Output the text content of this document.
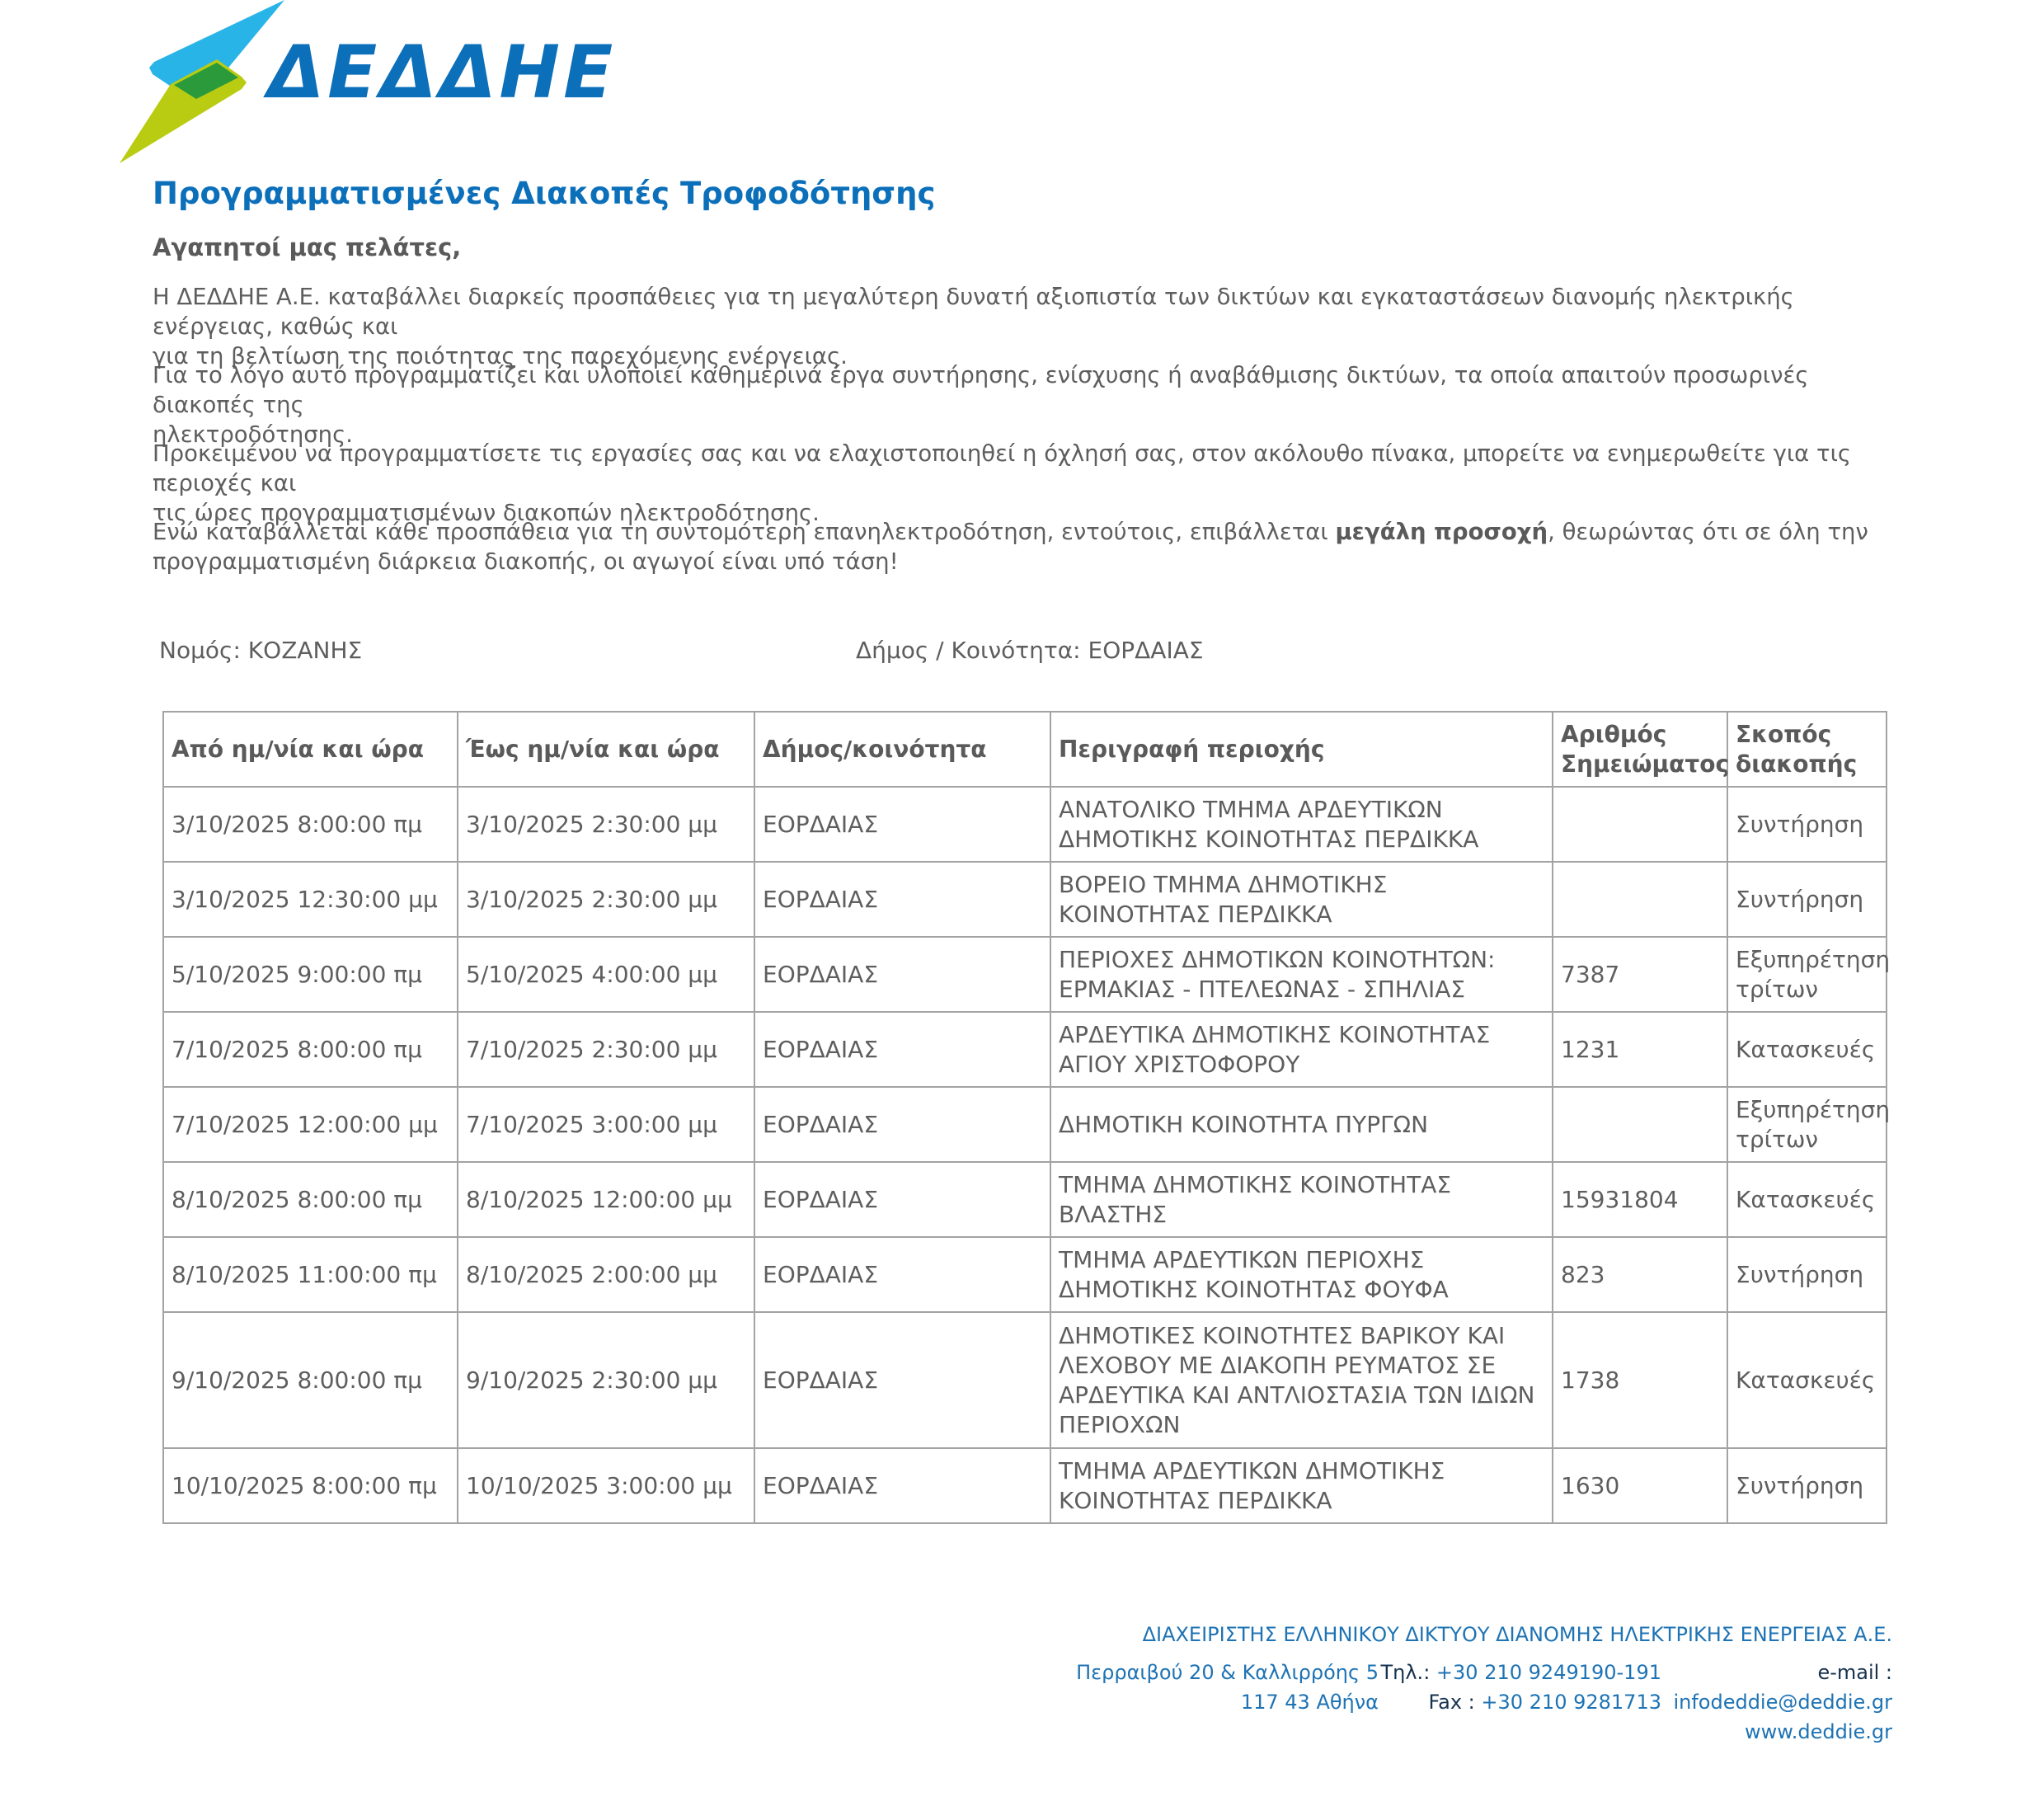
ΔΕΔΔΗΕ
Προγραμματισμένες Διακοπές Τροφοδότησης
Αγαπητοί μας πελάτες,
Η ΔΕΔΔΗΕ Α.Ε. καταβάλλει διαρκείς προσπάθειες για τη μεγαλύτερη δυνατή αξιοπιστία των δικτύων και εγκαταστάσεων διανομής ηλεκτρικής ενέργειας, καθώς και
για τη βελτίωση της ποιότητας της παρεχόμενης ενέργειας.
Για το λόγο αυτό προγραμματίζει και υλοποιεί καθημερινά έργα συντήρησης, ενίσχυσης ή αναβάθμισης δικτύων, τα οποία απαιτούν προσωρινές διακοπές της
ηλεκτροδότησης.
Προκειμένου να προγραμματίσετε τις εργασίες σας και να ελαχιστοποιηθεί η όχλησή σας, στον ακόλουθο πίνακα, μπορείτε να ενημερωθείτε για τις περιοχές και
τις ώρες προγραμματισμένων διακοπών ηλεκτροδότησης.
Ενώ καταβάλλεται κάθε προσπάθεια για τη συντομότερη επανηλεκτροδότηση, εντούτοις, επιβάλλεται μεγάλη προσοχή, θεωρώντας ότι σε όλη την
προγραμματισμένη διάρκεια διακοπής, οι αγωγοί είναι υπό τάση!
Νομός: ΚΟΖΑΝΗΣ	Δήμος / Κοινότητα: ΕΟΡΔΑΙΑΣ
Από ημ/νία και ώρα	Έως ημ/νία και ώρα	Δήμος/κοινότητα	Περιγραφή περιοχής	Αριθμός Σημειώματος	Σκοπός διακοπής
3/10/2025 8:00:00 πμ	3/10/2025 2:30:00 μμ	ΕΟΡΔΑΙΑΣ	ΑΝΑΤΟΛΙΚΟ ΤΜΗΜΑ ΑΡΔΕΥΤΙΚΩΝ ΔΗΜΟΤΙΚΗΣ ΚΟΙΝΟΤΗΤΑΣ ΠΕΡΔΙΚΚΑ		Συντήρηση
3/10/2025 12:30:00 μμ	3/10/2025 2:30:00 μμ	ΕΟΡΔΑΙΑΣ	ΒΟΡΕΙΟ ΤΜΗΜΑ ΔΗΜΟΤΙΚΗΣ ΚΟΙΝΟΤΗΤΑΣ ΠΕΡΔΙΚΚΑ		Συντήρηση
5/10/2025 9:00:00 πμ	5/10/2025 4:00:00 μμ	ΕΟΡΔΑΙΑΣ	ΠΕΡΙΟΧΕΣ ΔΗΜΟΤΙΚΩΝ ΚΟΙΝΟΤΗΤΩΝ: ΕΡΜΑΚΙΑΣ - ΠΤΕΛΕΩΝΑΣ - ΣΠΗΛΙΑΣ	7387	Εξυπηρέτηση τρίτων
7/10/2025 8:00:00 πμ	7/10/2025 2:30:00 μμ	ΕΟΡΔΑΙΑΣ	ΑΡΔΕΥΤΙΚΑ ΔΗΜΟΤΙΚΗΣ ΚΟΙΝΟΤΗΤΑΣ ΑΓΙΟΥ ΧΡΙΣΤΟΦΟΡΟΥ	1231	Κατασκευές
7/10/2025 12:00:00 μμ	7/10/2025 3:00:00 μμ	ΕΟΡΔΑΙΑΣ	ΔΗΜΟΤΙΚΗ ΚΟΙΝΟΤΗΤΑ ΠΥΡΓΩΝ		Εξυπηρέτηση τρίτων
8/10/2025 8:00:00 πμ	8/10/2025 12:00:00 μμ	ΕΟΡΔΑΙΑΣ	ΤΜΗΜΑ ΔΗΜΟΤΙΚΗΣ ΚΟΙΝΟΤΗΤΑΣ ΒΛΑΣΤΗΣ	15931804	Κατασκευές
8/10/2025 11:00:00 πμ	8/10/2025 2:00:00 μμ	ΕΟΡΔΑΙΑΣ	ΤΜΗΜΑ ΑΡΔΕΥΤΙΚΩΝ ΠΕΡΙΟΧΗΣ ΔΗΜΟΤΙΚΗΣ ΚΟΙΝΟΤΗΤΑΣ ΦΟΥΦΑ	823	Συντήρηση
9/10/2025 8:00:00 πμ	9/10/2025 2:30:00 μμ	ΕΟΡΔΑΙΑΣ	ΔΗΜΟΤΙΚΕΣ ΚΟΙΝΟΤΗΤΕΣ ΒΑΡΙΚΟΥ ΚΑΙ ΛΕΧΟΒΟΥ ΜΕ ΔΙΑΚΟΠΗ ΡΕΥΜΑΤΟΣ ΣΕ ΑΡΔΕΥΤΙΚΑ ΚΑΙ ΑΝΤΛΙΟΣΤΑΣΙΑ ΤΩΝ ΙΔΙΩΝ ΠΕΡΙΟΧΩΝ	1738	Κατασκευές
10/10/2025 8:00:00 πμ	10/10/2025 3:00:00 μμ	ΕΟΡΔΑΙΑΣ	ΤΜΗΜΑ ΑΡΔΕΥΤΙΚΩΝ ΔΗΜΟΤΙΚΗΣ ΚΟΙΝΟΤΗΤΑΣ ΠΕΡΔΙΚΚΑ	1630	Συντήρηση
ΔΙΑΧΕΙΡΙΣΤΗΣ ΕΛΛΗΝΙΚΟΥ ΔΙΚΤΥΟΥ ΔΙΑΝΟΜΗΣ ΗΛΕΚΤΡΙΚΗΣ ΕΝΕΡΓΕΙΑΣ Α.Ε.
Περραιβού 20 & Καλλιρρόης 5
117 43 Αθήνα
Τηλ.: +30 210 9249190-191
Fax : +30 210 9281713
e-mail :
infodeddie@deddie.gr
www.deddie.gr
